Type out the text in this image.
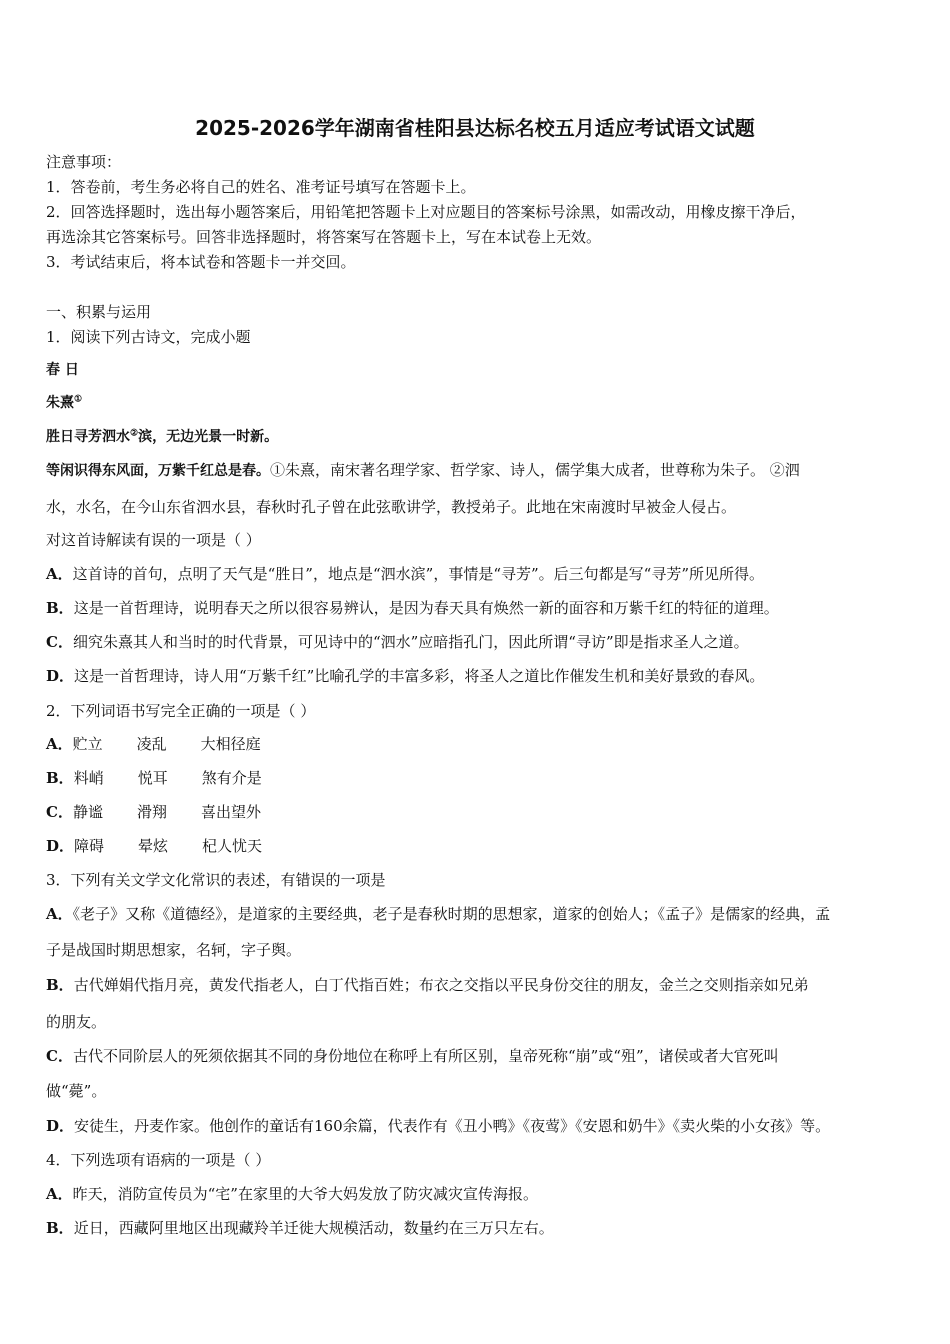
2025-2026学年湖南省桂阳县达标名校五月适应考试语文试题
注意事项：
1．答卷前，考生务必将自己的姓名、准考证号填写在答题卡上。
2．回答选择题时，选出每小题答案后，用铅笔把答题卡上对应题目的答案标号涂黑，如需改动，用橡皮擦干净后，
再选涂其它答案标号。回答非选择题时，将答案写在答题卡上，写在本试卷上无效。
3．考试结束后，将本试卷和答题卡一并交回。
一、积累与运用
1．阅读下列古诗文，完成小题
春 日
朱熹①
胜日寻芳泗水②滨，无边光景一时新。
等闲识得东风面，万紫千红总是春。①朱熹，南宋著名理学家、哲学家、诗人，儒学集大成者，世尊称为朱子。 ②泗
水，水名，在今山东省泗水县，春秋时孔子曾在此弦歌讲学，教授弟子。此地在宋南渡时早被金人侵占。
对这首诗解读有误的一项是（ ）
A．这首诗的首句，点明了天气是“胜日”，地点是“泗水滨”，事情是“寻芳”。后三句都是写“寻芳”所见所得。
B．这是一首哲理诗，说明春天之所以很容易辨认，是因为春天具有焕然一新的面容和万紫千红的特征的道理。
C．细究朱熹其人和当时的时代背景，可见诗中的“泗水”应暗指孔门，因此所谓“寻访”即是指求圣人之道。
D．这是一首哲理诗，诗人用“万紫千红”比喻孔学的丰富多彩，将圣人之道比作催发生机和美好景致的春风。
2．下列词语书写完全正确的一项是（ ）
A．贮立 凌乱 大相径庭
B．料峭 悦耳 煞有介是
C．静谧 滑翔 喜出望外
D．障碍 晕炫 杞人忧天
3．下列有关文学文化常识的表述，有错误的一项是
A．《老子》又称《道德经》，是道家的主要经典，老子是春秋时期的思想家，道家的创始人；《孟子》是儒家的经典，孟
子是战国时期思想家，名轲，字子舆。
B．古代婵娟代指月亮，黄发代指老人，白丁代指百姓；布衣之交指以平民身份交往的朋友，金兰之交则指亲如兄弟
的朋友。
C．古代不同阶层人的死须依据其不同的身份地位在称呼上有所区别，皇帝死称“崩”或“殂”，诸侯或者大官死叫
做“薨”。
D．安徒生，丹麦作家。他创作的童话有160余篇，代表作有《丑小鸭》《夜莺》《安恩和奶牛》《卖火柴的小女孩》等。
4．下列选项有语病的一项是（ ）
A．昨天，消防宣传员为“宅”在家里的大爷大妈发放了防灾减灾宣传海报。
B．近日，西藏阿里地区出现藏羚羊迁徙大规模活动，数量约在三万只左右。
